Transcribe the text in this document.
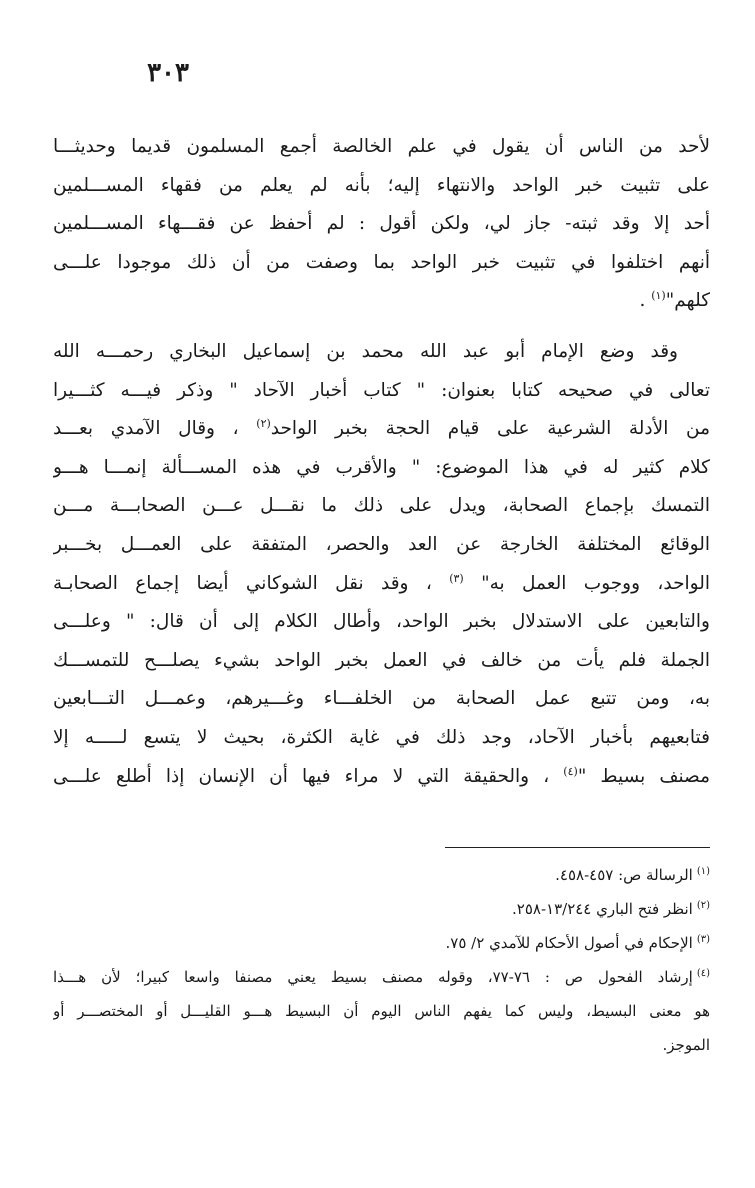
٣٠٣
لأحد من الناس أن يقول في علم الخالصة أجمع المسلمون قديما وحديثـــا
على تثبيت خبر الواحد والانتهاء إليه؛ بأنه لم يعلم من فقهاء المســـلمين
أحد إلا وقد ثبته- جاز لي، ولكن أقول : لم أحفظ عن فقـــهاء المســـلمين
أنهم اختلفوا في تثبيت خبر الواحد بما وصفت من أن ذلك موجودا علـــى
كلهم"$^{(١)}$ .
وقد وضع الإمام أبو عبد الله محمد بن إسماعيل البخاري رحمـــه الله
تعالى في صحيحه كتابا بعنوان: " كتاب أخبار الآحاد " وذكر فيـــه كثـــيرا
من الأدلة الشرعية على قيام الحجة بخبر الواحد$^{(٢)}$ ، وقال الآمدي بعـــد
كلام كثير له في هذا الموضوع: " والأقرب في هذه المســـألة إنمـــا هـــو
التمسك بإجماع الصحابة، ويدل على ذلك ما نقـــل عـــن الصحابـــة مـــن
الوقائع المختلفة الخارجة عن العد والحصر، المتفقة على العمـــل بخـــبر
الواحد، ووجوب العمل به" $^{(٣)}$ ، وقد نقل الشوكاني أيضا إجماع الصحابـة
والتابعين على الاستدلال بخبر الواحد، وأطال الكلام إلى أن قال: " وعلـــى
الجملة فلم يأت من خالف في العمل بخبر الواحد بشيء يصلـــح للتمســـك
به، ومن تتبع عمل الصحابة من الخلفـــاء وغـــيرهم، وعمـــل التـــابعين
فتابعيهم بأخبار الآحاد، وجد ذلك في غاية الكثرة، بحيث لا يتسع لـــــه إلا
مصنف بسيط "$^{(٤)}$ ، والحقيقة التي لا مراء فيها أن الإنسان إذا أطلع علـــى
$^{(١)}$الرسالة ص: ٤٥٧-٤٥٨.
$^{(٢)}$انظر فتح الباري ١٣/٢٤٤-٢٥٨.
$^{(٣)}$الإحكام في أصول الأحكام للآمدي ٢/ ٧٥.
$^{(٤)}$إرشاد الفحول ص : ٧٦-٧٧، وقوله مصنف بسيط يعني مصنفا واسعا كبيرا؛ لأن هـــذا
هو معنى البسيط، وليس كما يفهم الناس اليوم أن البسيط هـــو القليـــل أو المختصـــر أو
الموجز.
